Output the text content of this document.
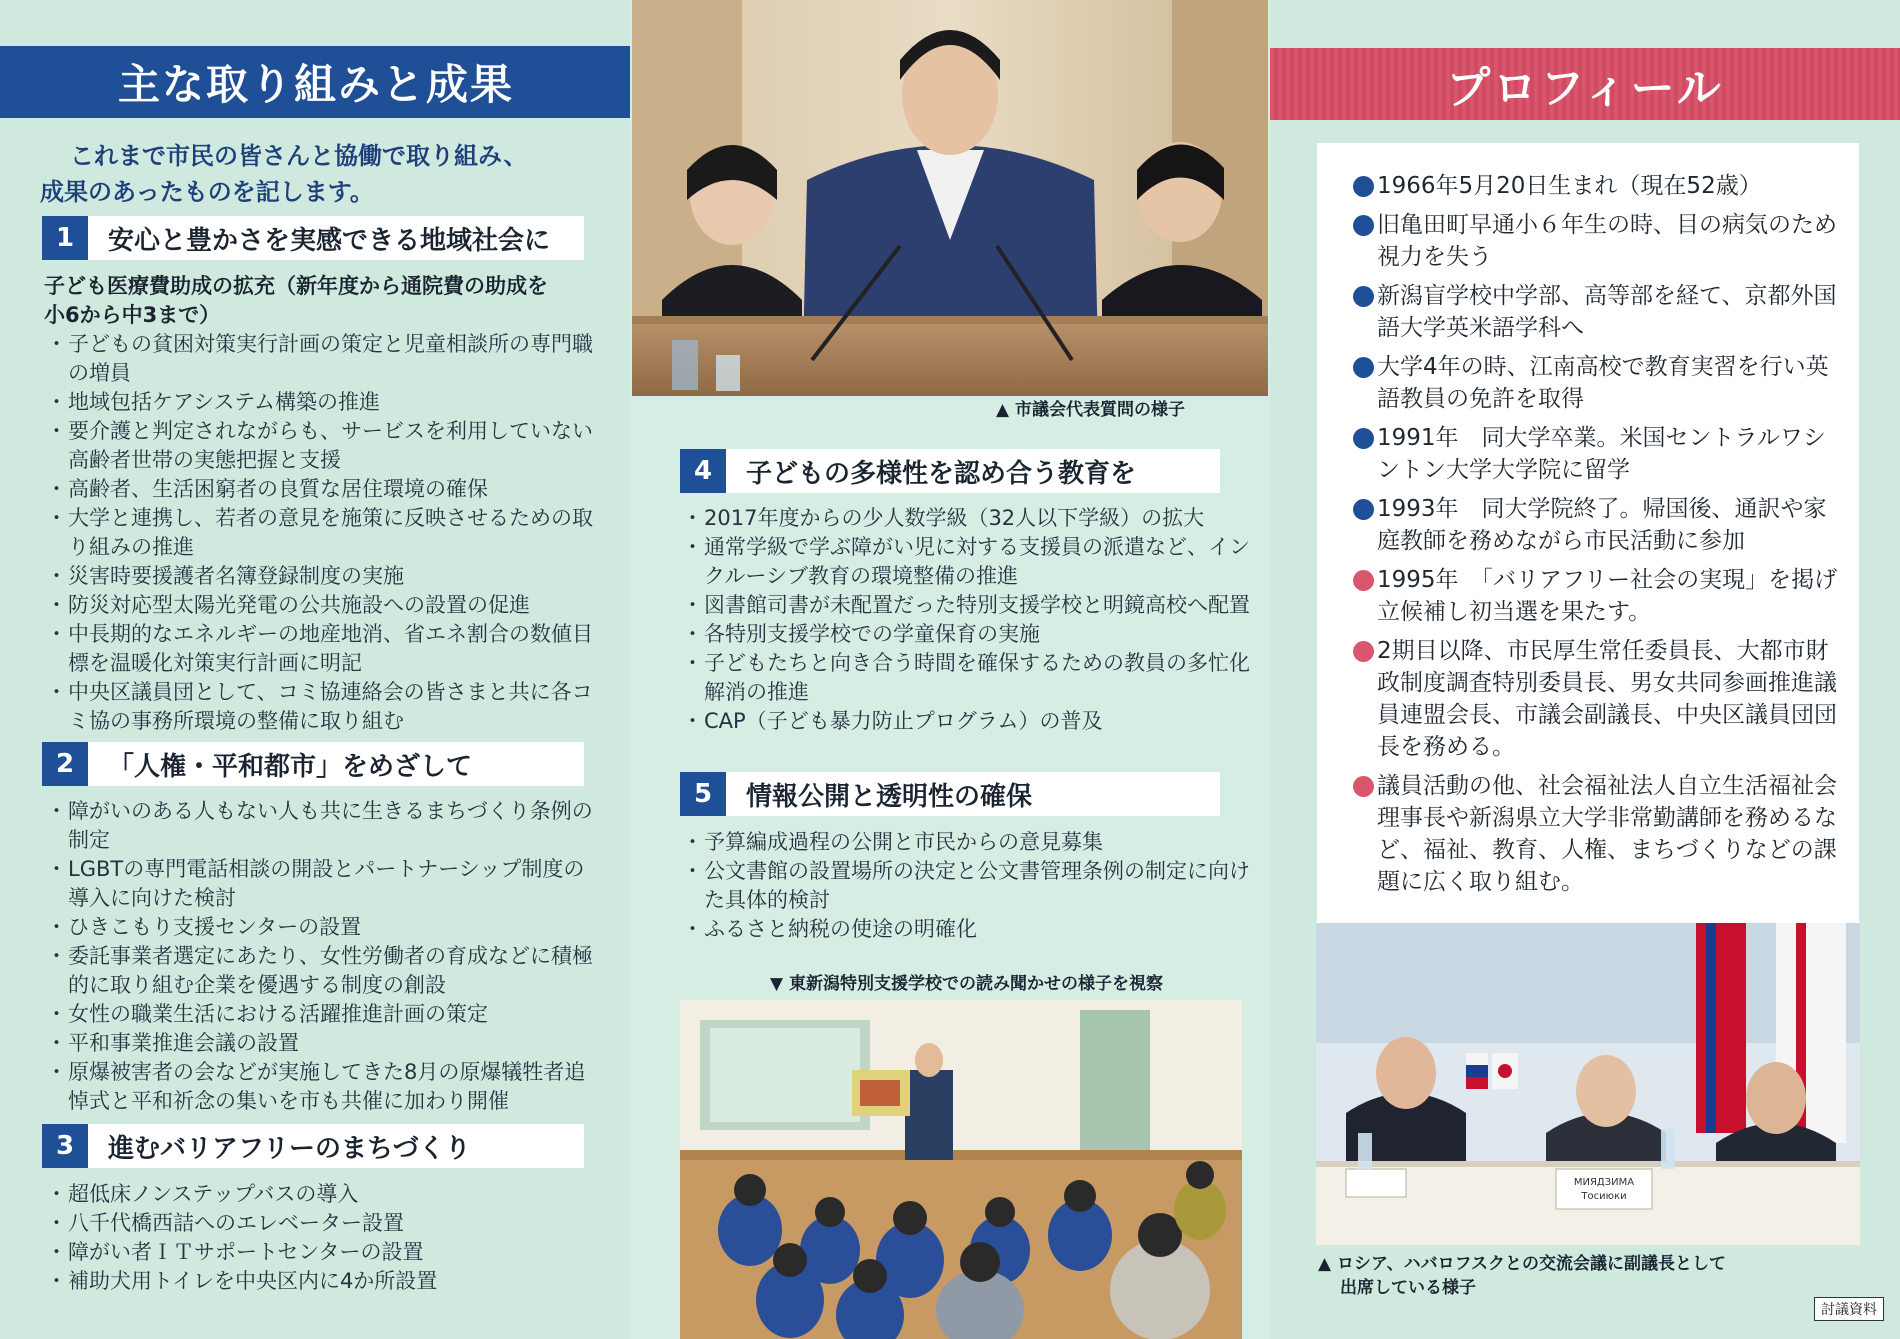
主な取り組みと成果
これまで市民の皆さんと協働で取り組み、
成果のあったものを記します。
1	安心と豊かさを実感できる地域社会に
子ども医療費助成の拡充（新年度から通院費の助成を
小6から中3まで）
・ 子どもの貧困対策実行計画の策定と児童相談所の専門職の増員
・ 地域包括ケアシステム構築の推進
・ 要介護と判定されながらも、サービスを利用していない高齢者世帯の実態把握と支援
・ 高齢者、生活困窮者の良質な居住環境の確保
・ 大学と連携し、若者の意見を施策に反映させるための取り組みの推進
・ 災害時要援護者名簿登録制度の実施
・ 防災対応型太陽光発電の公共施設への設置の促進
・ 中長期的なエネルギーの地産地消、省エネ割合の数値目標を温暖化対策実行計画に明記
・ 中央区議員団として、コミ協連絡会の皆さまと共に各コミ協の事務所環境の整備に取り組む
2	「人権・平和都市」をめざして
・ 障がいのある人もない人も共に生きるまちづくり条例の制定
・ LGBTの専門電話相談の開設とパートナーシップ制度の導入に向けた検討
・ ひきこもり支援センターの設置
・ 委託事業者選定にあたり、女性労働者の育成などに積極的に取り組む企業を優遇する制度の創設
・ 女性の職業生活における活躍推進計画の策定
・ 平和事業推進会議の設置
・ 原爆被害者の会などが実施してきた8月の原爆犠牲者追悼式と平和祈念の集いを市も共催に加わり開催
3	進むバリアフリーのまちづくり
・ 超低床ノンステップバスの導入
・ 八千代橋西詰へのエレベーター設置
・ 障がい者ＩＴサポートセンターの設置
・ 補助犬用トイレを中央区内に4か所設置
▲ 市議会代表質問の様子
4	子どもの多様性を認め合う教育を
・ 2017年度からの少人数学級（32人以下学級）の拡大
・ 通常学級で学ぶ障がい児に対する支援員の派遣など、インクルーシブ教育の環境整備の推進
・ 図書館司書が未配置だった特別支援学校と明鏡高校へ配置
・ 各特別支援学校での学童保育の実施
・ 子どもたちと向き合う時間を確保するための教員の多忙化解消の推進
・ CAP（子ども暴力防止プログラム）の普及
5	情報公開と透明性の確保
・ 予算編成過程の公開と市民からの意見募集
・ 公文書館の設置場所の決定と公文書管理条例の制定に向けた具体的検討
・ ふるさと納税の使途の明確化
▼ 東新潟特別支援学校での読み聞かせの様子を視察
プロフィール
1966年5月20日生まれ（現在52歳）
旧亀田町早通小６年生の時、目の病気のため視力を失う
新潟盲学校中学部、高等部を経て、京都外国語大学英米語学科へ
大学4年の時、江南高校で教育実習を行い英語教員の免許を取得
1991年　同大学卒業。米国セントラルワシントン大学大学院に留学
1993年　同大学院終了。帰国後、通訳や家庭教師を務めながら市民活動に参加
1995年　「バリアフリー社会の実現」を掲げ立候補し初当選を果たす。
2期目以降、市民厚生常任委員長、大都市財政制度調査特別委員長、男女共同参画推進議員連盟会長、市議会副議長、中央区議員団団長を務める。
議員活動の他、社会福祉法人自立生活福祉会理事長や新潟県立大学非常勤講師を務めるなど、福祉、教育、人権、まちづくりなどの課題に広く取り組む。
МИЯДЗИМА
Тосиюки
▲ ロシア、ハバロフスクとの交流会議に副議長として
出席している様子
討議資料
